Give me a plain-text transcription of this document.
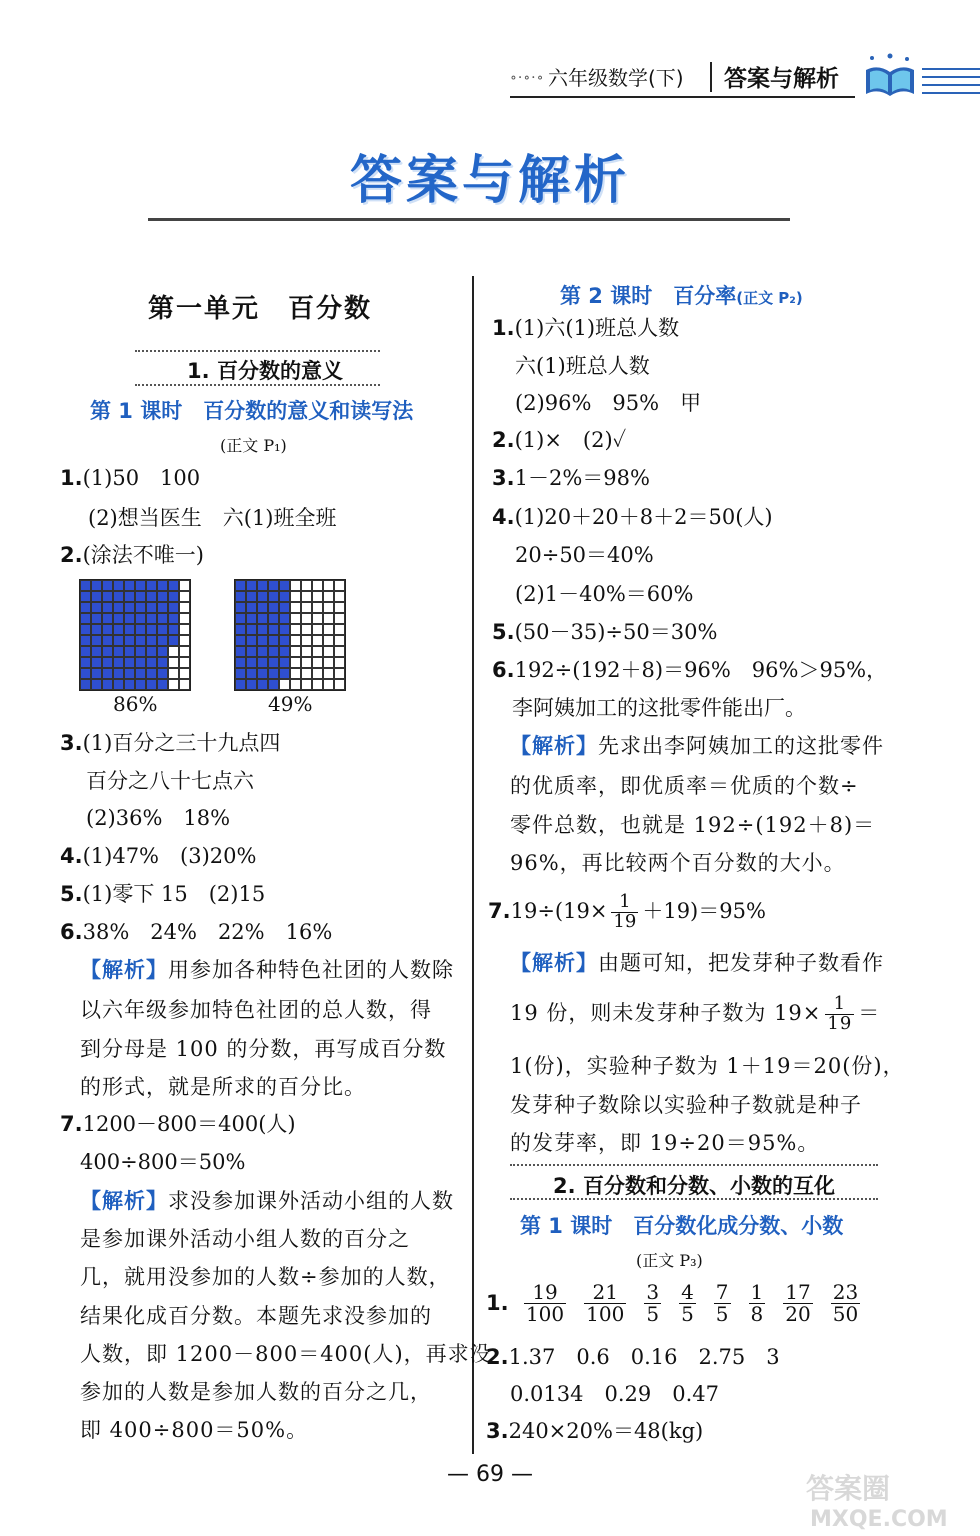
∘·∘·∘ 六年级数学(下) 答案与解析
答案与解析
第一单元　百分数
1. 百分数的意义
第 1 课时　百分数的意义和读写法
(正文 P₁)
1.(1)50　100
(2)想当医生　六(1)班全班
2.(涂法不唯一)
86%	49%
3.(1)百分之三十九点四
百分之八十七点六
(2)36%　18%
4.(1)47%　(3)20%
5.(1)零下 15　(2)15
6.38%　24%　22%　16%
【解析】用参加各种特色社团的人数除
以六年级参加特色社团的总人数，得
到分母是 100 的分数，再写成百分数
的形式，就是所求的百分比。
7.1200－800＝400(人)
400÷800＝50%
【解析】求没参加课外活动小组的人数
是参加课外活动小组人数的百分之
几，就用没参加的人数÷参加的人数，
结果化成百分数。本题先求没参加的
人数，即 1200－800＝400(人)，再求没
参加的人数是参加人数的百分之几，
即 400÷800＝50%。
第 2 课时　百分率(正文 P₂)
1.(1)六(1)班总人数
六(1)班总人数
(2)96%　95%　甲
2.(1)×　(2)✓
3.1－2%＝98%
4.(1)20＋20＋8＋2＝50(人)
20÷50＝40%
(2)1－40%＝60%
5.(50－35)÷50＝30%
6.192÷(192＋8)＝96%　96%＞95%，
李阿姨加工的这批零件能出厂。
【解析】先求出李阿姨加工的这批零件
的优质率，即优质率＝优质的个数÷
零件总数，也就是 192÷(192＋8)＝
96%，再比较两个百分数的大小。
$7.19\div(19\times \frac{1}{19} +19)=95\%$
【解析】由题可知，把发芽种子数看作
19 份，则未发芽种子数为 $19\times \frac{1}{19}$ ＝
1(份)，实验种子数为 1＋19＝20(份)，
发芽种子数除以实验种子数就是种子
的发芽率，即 19÷20＝95%。
2. 百分数和分数、小数的互化
第 1 课时　百分数化成分数、小数
(正文 P₃)
1. $\frac{19}{100} \frac{21}{100} \frac{3}{5} \frac{4}{5} \frac{7}{5} \frac{1}{8} \frac{17}{20} \frac{23}{50}$
2.1.37　0.6　0.16　2.75　3
0.0134　0.29　0.47
3.240×20%＝48(kg)
— 69 —	答案圈
MXQE.COM
